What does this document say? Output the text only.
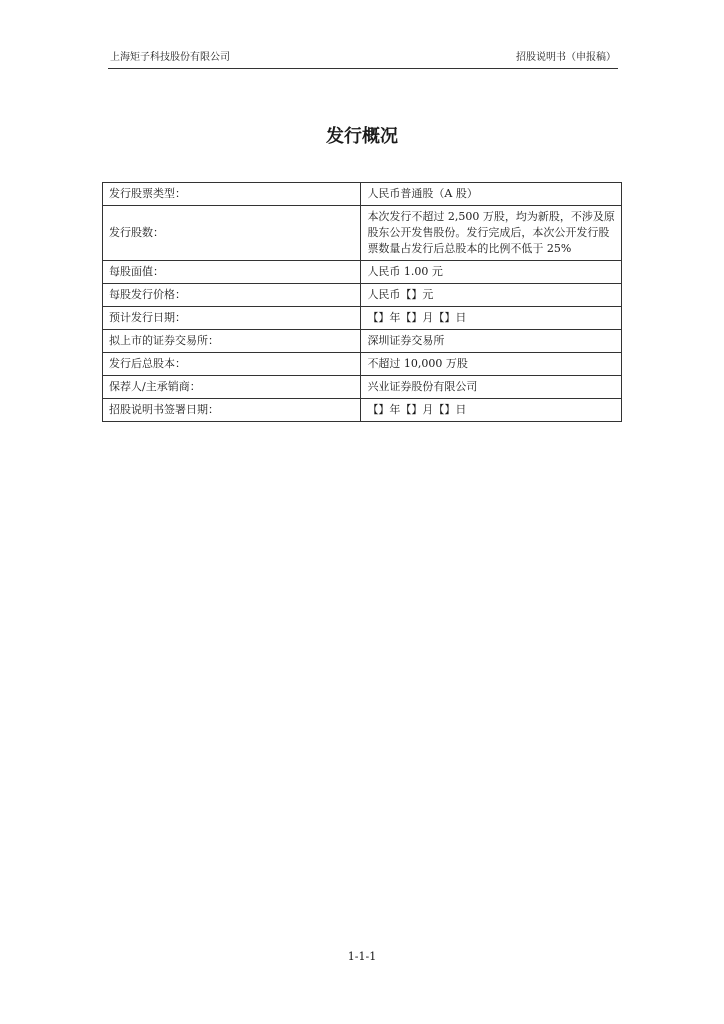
上海矩子科技股份有限公司	招股说明书（申报稿）
发行概况
发行股票类型：	人民币普通股（A 股）
发行股数：	本次发行不超过 2,500 万股，均为新股，不涉及原股东公开发售股份。发行完成后，本次公开发行股票数量占发行后总股本的比例不低于 25%
每股面值：	人民币 1.00 元
每股发行价格：	人民币【】元
预计发行日期：	【】年【】月【】日
拟上市的证券交易所：	深圳证券交易所
发行后总股本：	不超过 10,000 万股
保荐人/主承销商：	兴业证券股份有限公司
招股说明书签署日期：	【】年【】月【】日
1-1-1
